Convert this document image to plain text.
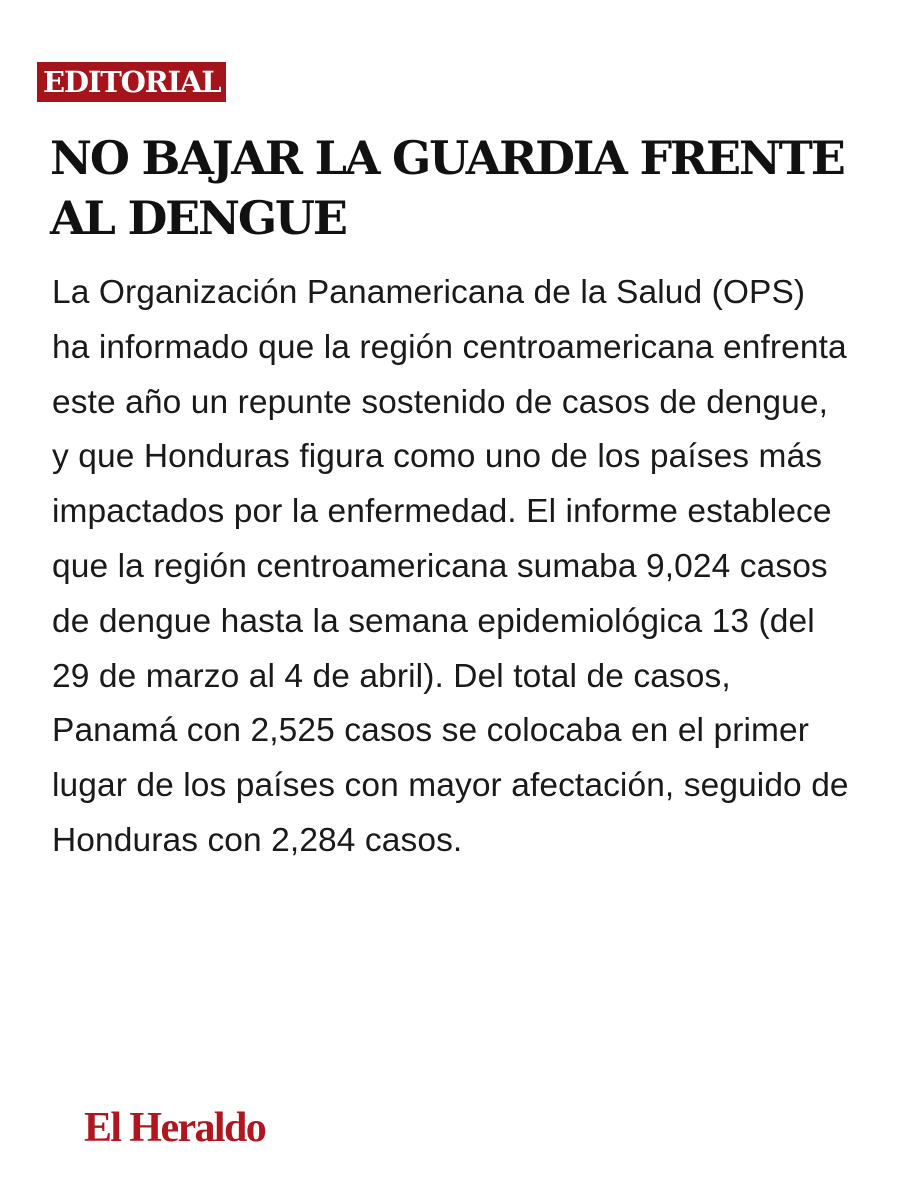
EDITORIAL
NO BAJAR LA GUARDIA FRENTE AL DENGUE

La Organización Panamericana de la Salud (OPS) ha informado que la región centroamericana enfrenta este año un repunte sostenido de casos de dengue, y que Honduras figura como uno de los países más impactados por la enfermedad. El informe establece que la región centroamericana sumaba 9,024 casos de dengue hasta la semana epidemiológica 13 (del 29 de marzo al 4 de abril). Del total de casos, Panamá con 2,525 casos se colocaba en el primer lugar de los países con mayor afectación, seguido de Honduras con 2,284 casos.

El Heraldo
